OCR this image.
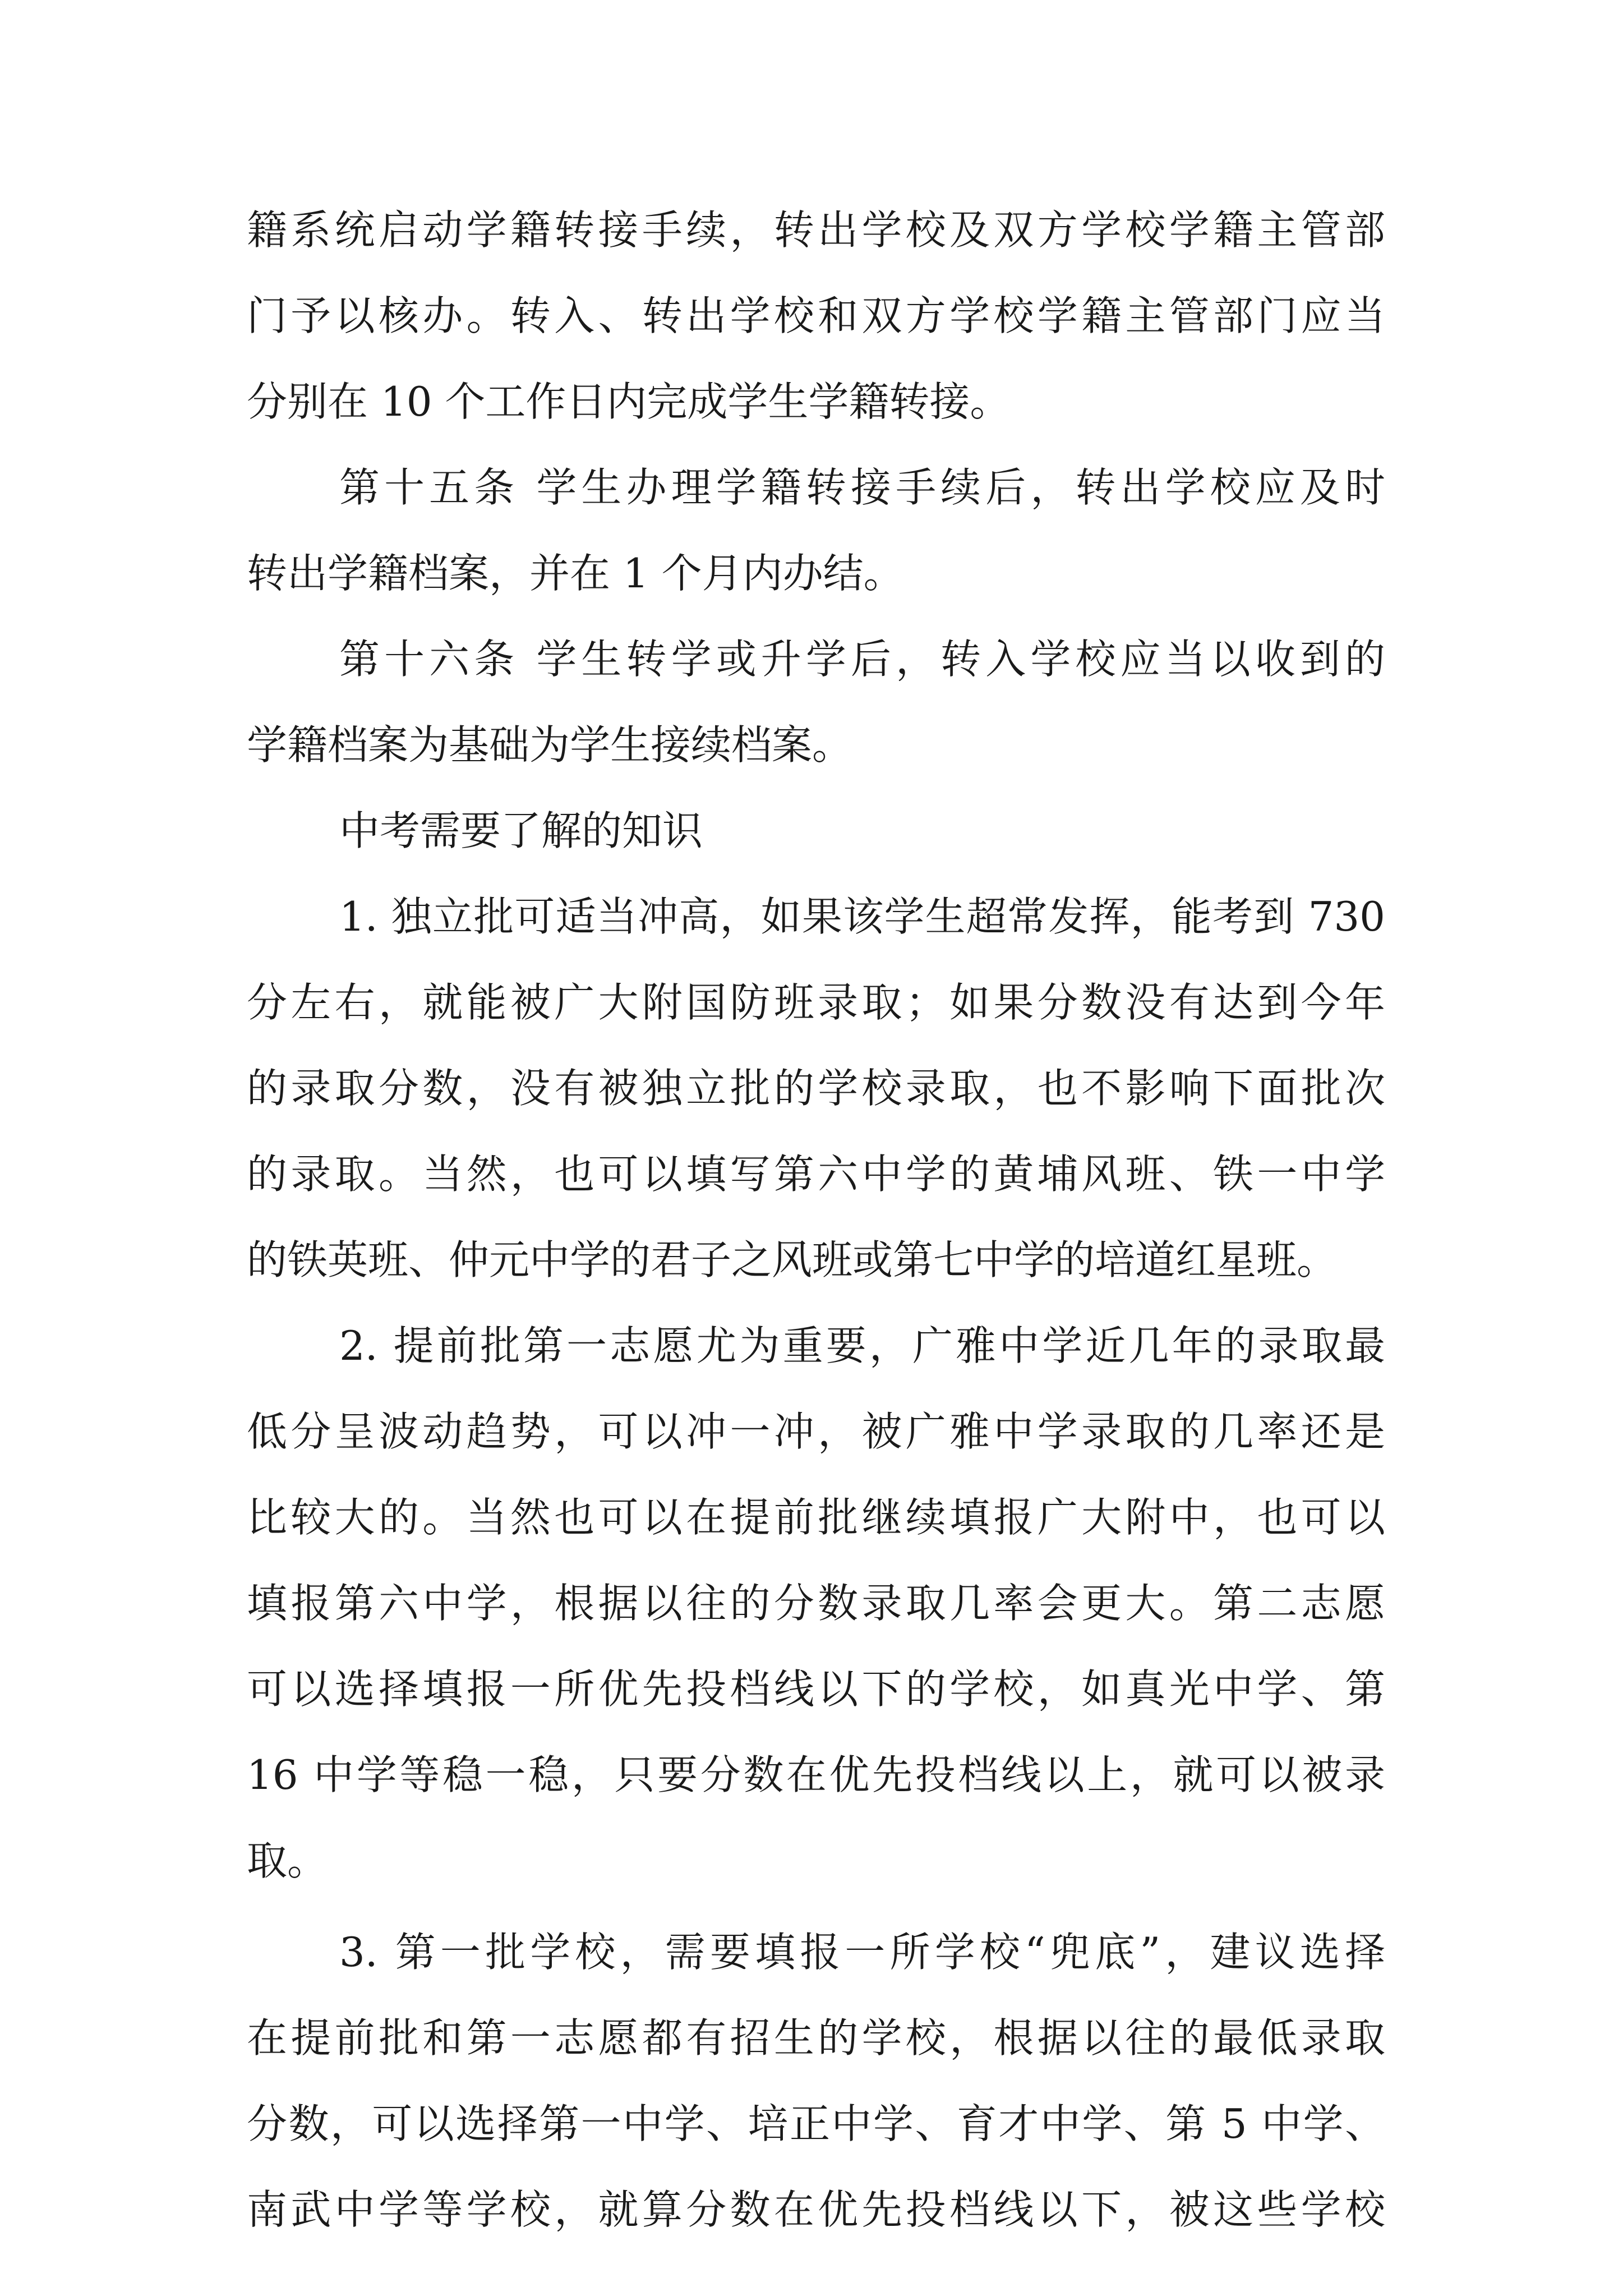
籍系统启动学籍转接手续，转出学校及双方学校学籍主管部

门予以核办。转入、转出学校和双方学校学籍主管部门应当

分别在 10 个工作日内完成学生学籍转接。

第十五条 学生办理学籍转接手续后，转出学校应及时

转出学籍档案，并在 1 个月内办结。

第十六条 学生转学或升学后，转入学校应当以收到的

学籍档案为基础为学生接续档案。

中考需要了解的知识

1. 独立批可适当冲高，如果该学生超常发挥，能考到 730

分左右，就能被广大附国防班录取；如果分数没有达到今年

的录取分数，没有被独立批的学校录取，也不影响下面批次

的录取。当然，也可以填写第六中学的黄埔风班、铁一中学

的铁英班、仲元中学的君子之风班或第七中学的培道红星班。

2. 提前批第一志愿尤为重要，广雅中学近几年的录取最

低分呈波动趋势，可以冲一冲，被广雅中学录取的几率还是

比较大的。当然也可以在提前批继续填报广大附中，也可以

填报第六中学，根据以往的分数录取几率会更大。第二志愿

可以选择填报一所优先投档线以下的学校，如真光中学、第

16 中学等稳一稳，只要分数在优先投档线以上，就可以被录

取。

3. 第一批学校，需要填报一所学校“兜底”，建议选择

在提前批和第一志愿都有招生的学校，根据以往的最低录取

分数，可以选择第一中学、培正中学、育才中学、第 5 中学、

南武中学等学校，就算分数在优先投档线以下，被这些学校
